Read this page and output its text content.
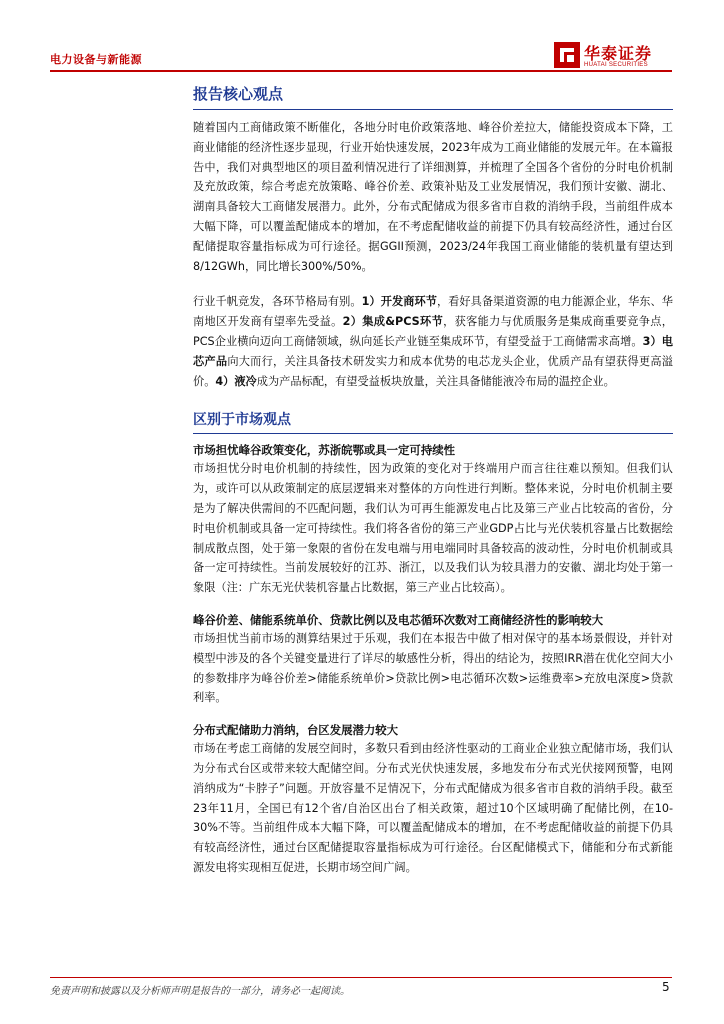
电力设备与新能源	华泰证券
HUATAI SECURITIES
报告核心观点

随着国内工商储政策不断催化，各地分时电价政策落地、峰谷价差拉大，储能投资成本下降，工商业储能的经济性逐步显现，行业开始快速发展，2023年成为工商业储能的发展元年。在本篇报告中，我们对典型地区的项目盈利情况进行了详细测算，并梳理了全国各个省份的分时电价机制及充放政策，综合考虑充放策略、峰谷价差、政策补贴及工业发展情况，我们预计安徽、湖北、湖南具备较大工商储发展潜力。此外，分布式配储成为很多省市自救的消纳手段，当前组件成本大幅下降，可以覆盖配储成本的增加，在不考虑配储收益的前提下仍具有较高经济性，通过台区配储提取容量指标成为可行途径。据GGII预测，2023/24年我国工商业储能的装机量有望达到8/12GWh，同比增长300%/50%。

行业千帆竞发，各环节格局有别。1）开发商环节，看好具备渠道资源的电力能源企业，华东、华南地区开发商有望率先受益。2）集成&PCS环节，获客能力与优质服务是集成商重要竞争点，PCS企业横向迈向工商储领域，纵向延长产业链至集成环节，有望受益于工商储需求高增。3）电芯产品向大而行，关注具备技术研发实力和成本优势的电芯龙头企业，优质产品有望获得更高溢价。4）液冷成为产品标配，有望受益板块放量，关注具备储能液冷布局的温控企业。

区别于市场观点

市场担忧峰谷政策变化，苏浙皖鄂或具一定可持续性

市场担忧分时电价机制的持续性，因为政策的变化对于终端用户而言往往难以预知。但我们认为，或许可以从政策制定的底层逻辑来对整体的方向性进行判断。整体来说，分时电价机制主要是为了解决供需间的不匹配问题，我们认为可再生能源发电占比及第三产业占比较高的省份，分时电价机制或具备一定可持续性。我们将各省份的第三产业GDP占比与光伏装机容量占比数据绘制成散点图，处于第一象限的省份在发电端与用电端同时具备较高的波动性，分时电价机制或具备一定可持续性。当前发展较好的江苏、浙江，以及我们认为较具潜力的安徽、湖北均处于第一象限（注：广东无光伏装机容量占比数据，第三产业占比较高）。

峰谷价差、储能系统单价、贷款比例以及电芯循环次数对工商储经济性的影响较大

市场担忧当前市场的测算结果过于乐观，我们在本报告中做了相对保守的基本场景假设，并针对模型中涉及的各个关键变量进行了详尽的敏感性分析，得出的结论为，按照IRR潜在优化空间大小的参数排序为峰谷价差>储能系统单价>贷款比例>电芯循环次数>运维费率>充放电深度>贷款利率。

分布式配储助力消纳，台区发展潜力较大

市场在考虑工商储的发展空间时，多数只看到由经济性驱动的工商业企业独立配储市场，我们认为分布式台区或带来较大配储空间。分布式光伏快速发展，多地发布分布式光伏接网预警，电网消纳成为“卡脖子”问题。开放容量不足情况下，分布式配储成为很多省市自救的消纳手段。截至23年11月，全国已有12个省/自治区出台了相关政策，超过10个区域明确了配储比例，在10-30%不等。当前组件成本大幅下降，可以覆盖配储成本的增加，在不考虑配储收益的前提下仍具有较高经济性，通过台区配储提取容量指标成为可行途径。台区配储模式下，储能和分布式新能源发电将实现相互促进，长期市场空间广阔。

免责声明和披露以及分析师声明是报告的一部分，请务必一起阅读。	5
